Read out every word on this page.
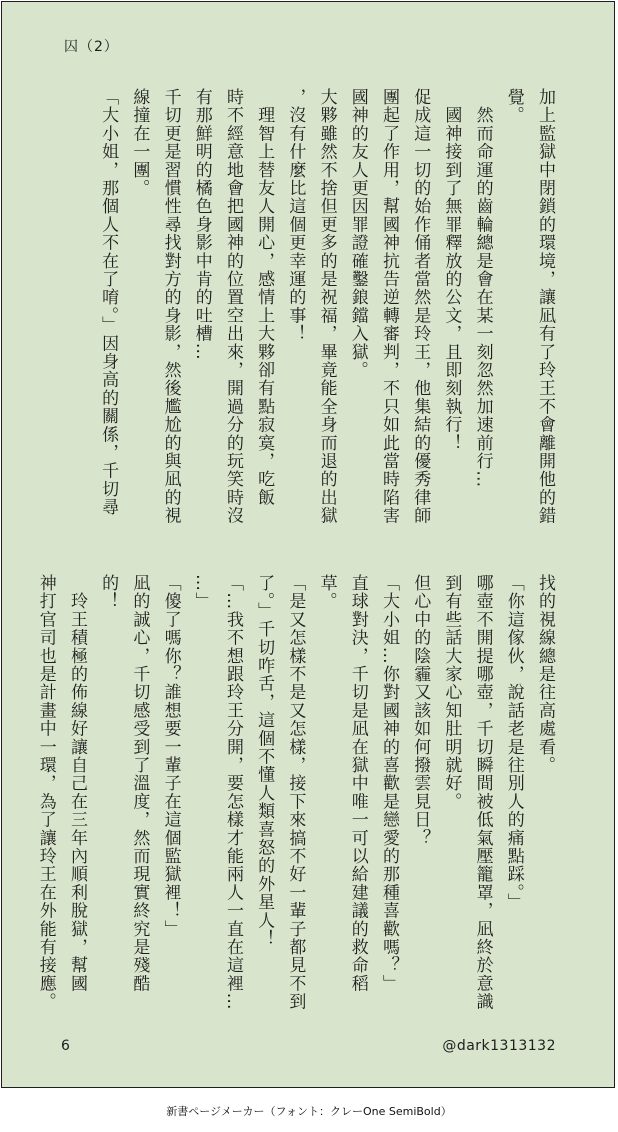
囚（2）

加上監獄中閉鎖的環境，讓凪有了玲王不會離開他的錯

覺。

　然而命運的齒輪總是會在某一刻忽然加速前行…

　國神接到了無罪釋放的公文，且即刻執行！

促成這一切的始作俑者當然是玲王，他集結的優秀律師

團起了作用，幫國神抗告逆轉審判，不只如此當時陷害

國神的友人更因罪證確鑿鋃鐺入獄。

大夥雖然不捨但更多的是祝福，畢竟能全身而退的出獄

，沒有什麼比這個更幸運的事！

　理智上替友人開心，感情上大夥卻有點寂寞，吃飯

時不經意地會把國神的位置空出來，開過分的玩笑時沒

有那鮮明的橘色身影中肯的吐槽…

千切更是習慣性尋找對方的身影，然後尷尬的與凪的視

線撞在一團。

「大小姐，那個人不在了唷。」因身高的關係，千切尋

找的視線總是往高處看。

「你這傢伙，說話老是往別人的痛點踩。」

哪壺不開提哪壺，千切瞬間被低氣壓籠罩，凪終於意識

到有些話大家心知肚明就好。

但心中的陰霾又該如何撥雲見日？

「大小姐…你對國神的喜歡是戀愛的那種喜歡嗎？」

直球對決，千切是凪在獄中唯一可以給建議的救命稻草。

「是又怎樣不是又怎樣，接下來搞不好一輩子都見不到

了。」千切咋舌，這個不懂人類喜怒的外星人！

「…我不想跟玲王分開，要怎樣才能兩人一直在這裡…

…」

「傻了嗎你？誰想要一輩子在這個監獄裡！」

凪的誠心，千切感受到了溫度，然而現實終究是殘酷

的！

　玲王積極的佈線好讓自己在三年內順利脫獄，幫國

神打官司也是計畫中一環，為了讓玲王在外能有接應。

6	@dark1313132
新書ページメーカー（フォント：クレーOne SemiBold）
